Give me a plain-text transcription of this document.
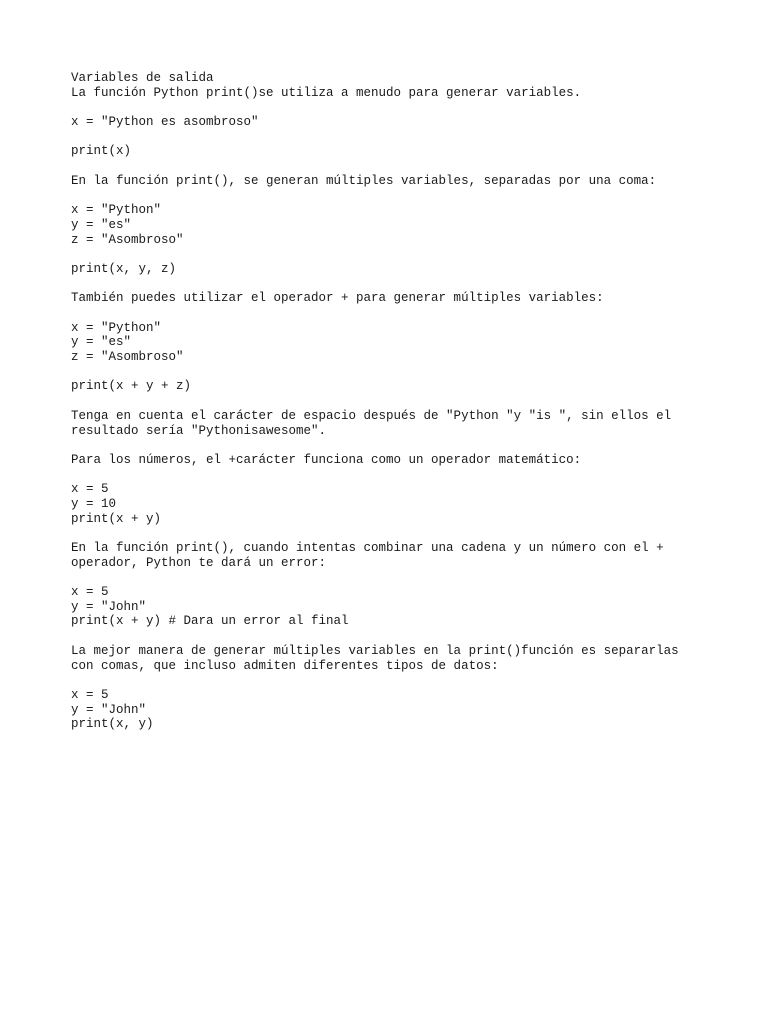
Variables de salida
La función Python print()se utiliza a menudo para generar variables.
x = "Python es asombroso"
print(x)
En la función print(), se generan múltiples variables, separadas por una coma:
x = "Python"
y = "es"
z = "Asombroso"
print(x, y, z)
También puedes utilizar el operador + para generar múltiples variables:
x = "Python"
y = "es"
z = "Asombroso"
print(x + y + z)
Tenga en cuenta el carácter de espacio después de "Python "y "is ", sin ellos el
resultado sería "Pythonisawesome".
Para los números, el +carácter funciona como un operador matemático:
x = 5
y = 10
print(x + y)
En la función print(), cuando intentas combinar una cadena y un número con el +
operador, Python te dará un error:
x = 5
y = "John"
print(x + y) # Dara un error al final
La mejor manera de generar múltiples variables en la print()función es separarlas
con comas, que incluso admiten diferentes tipos de datos:
x = 5
y = "John"
print(x, y)
